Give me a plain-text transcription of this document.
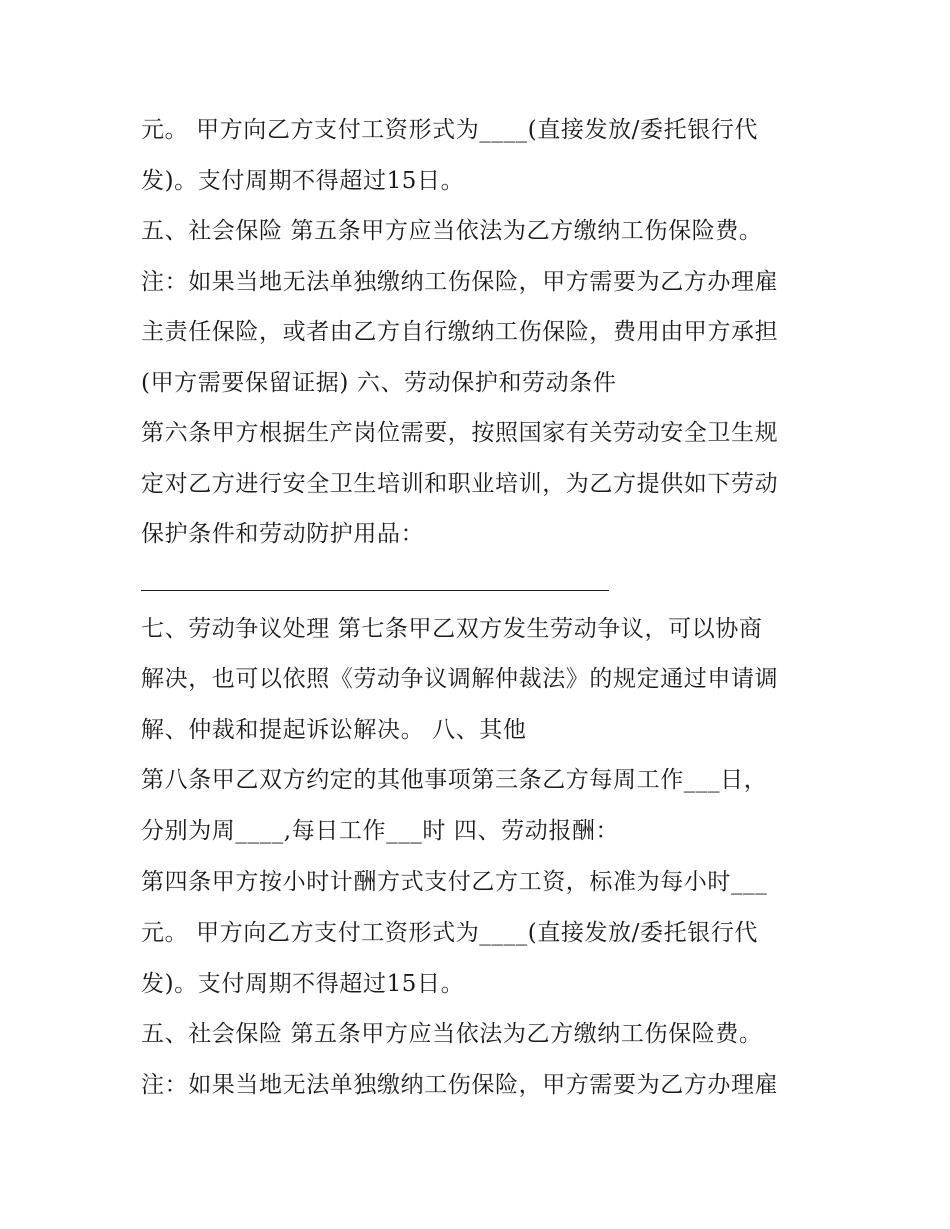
元。 甲方向乙方支付工资形式为____(直接发放/委托银行代
发)。支付周期不得超过15日。
五、社会保险 第五条甲方应当依法为乙方缴纳工伤保险费。
注：如果当地无法单独缴纳工伤保险，甲方需要为乙方办理雇
主责任保险，或者由乙方自行缴纳工伤保险，费用由甲方承担
(甲方需要保留证据) 六、劳动保护和劳动条件
第六条甲方根据生产岗位需要，按照国家有关劳动安全卫生规
定对乙方进行安全卫生培训和职业培训，为乙方提供如下劳动
保护条件和劳动防护用品：
七、劳动争议处理 第七条甲乙双方发生劳动争议，可以协商
解决，也可以依照《劳动争议调解仲裁法》的规定通过申请调
解、仲裁和提起诉讼解决。 八、其他
第八条甲乙双方约定的其他事项第三条乙方每周工作___日，
分别为周____,每日工作___时 四、劳动报酬：
第四条甲方按小时计酬方式支付乙方工资，标准为每小时___
元。 甲方向乙方支付工资形式为____(直接发放/委托银行代
发)。支付周期不得超过15日。
五、社会保险 第五条甲方应当依法为乙方缴纳工伤保险费。
注：如果当地无法单独缴纳工伤保险，甲方需要为乙方办理雇
